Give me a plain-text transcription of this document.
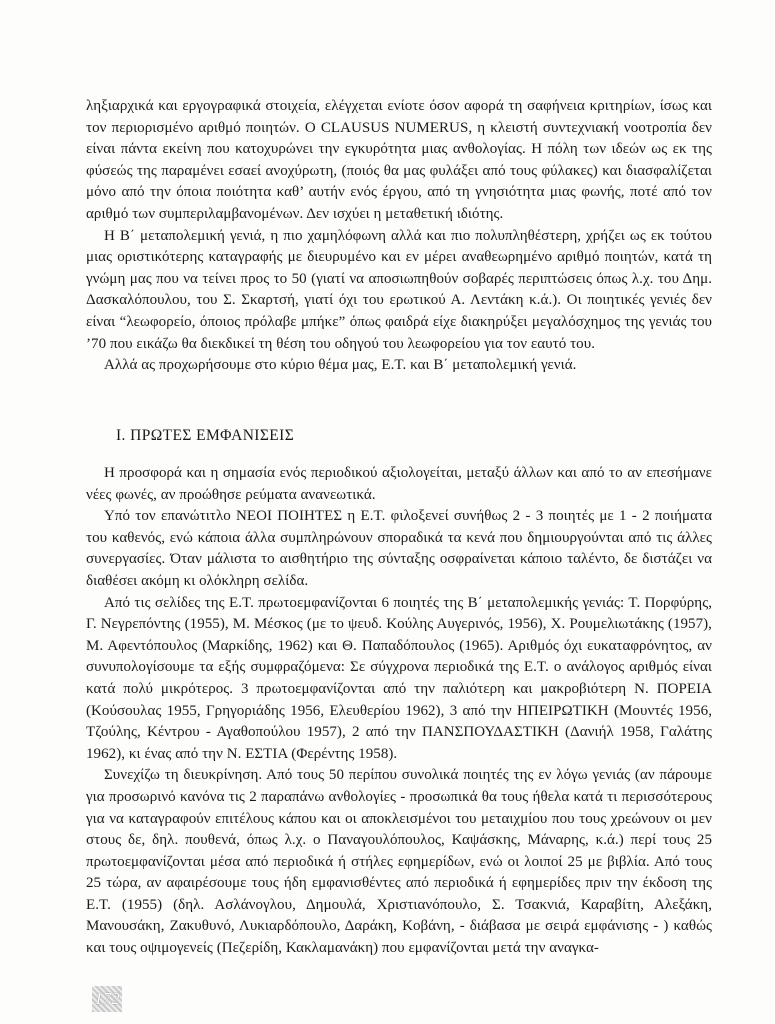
ληξιαρχικά και εργογραφικά στοιχεία, ελέγχεται ενίοτε όσον αφορά τη σαφήνεια κριτηρίων, ίσως και τον περιορισμένο αριθμό ποιητών. Ο CLAUSUS NUMERUS, η κλειστή συντεχνιακή νοοτροπία δεν είναι πάντα εκείνη που κατοχυρώνει την εγκυρότητα μιας ανθολογίας. Η πόλη των ιδεών ως εκ της φύσεώς της παραμένει εσαεί ανοχύρωτη, (ποιός θα μας φυλάξει από τους φύλακες) και διασφαλίζεται μόνο από την όποια ποιότητα καθ’ αυτήν ενός έργου, από τη γνησιότητα μιας φωνής, ποτέ από τον αριθμό των συμπεριλαμβανομένων. Δεν ισχύει η μεταθετική ιδιότης.

Η Β΄ μεταπολεμική γενιά, η πιο χαμηλόφωνη αλλά και πιο πολυπληθέστερη, χρήζει ως εκ τούτου μιας οριστικότερης καταγραφής με διευρυμένο και εν μέρει αναθεωρημένο αριθμό ποιητών, κατά τη γνώμη μας που να τείνει προς το 50 (γιατί να αποσιωπηθούν σοβαρές περιπτώσεις όπως λ.χ. του Δημ. Δασκαλόπουλου, του Σ. Σκαρτσή, γιατί όχι του ερωτικού Α. Λεντάκη κ.ά.). Οι ποιητικές γενιές δεν είναι “λεωφορείο, όποιος πρόλαβε μπήκε” όπως φαιδρά είχε διακηρύξει μεγαλόσχημος της γενιάς του ’70 που εικάζω θα διεκδικεί τη θέση του οδηγού του λεωφορείου για τον εαυτό του.

Αλλά ας προχωρήσουμε στο κύριο θέμα μας, Ε.Τ. και Β΄ μεταπολεμική γενιά.

Ι. ΠΡΩΤΕΣ ΕΜΦΑΝΙΣΕΙΣ

Η προσφορά και η σημασία ενός περιοδικού αξιολογείται, μεταξύ άλλων και από το αν επεσήμανε νέες φωνές, αν προώθησε ρεύματα ανανεωτικά.

Υπό τον επανώτιτλο ΝΕΟΙ ΠΟΙΗΤΕΣ η Ε.Τ. φιλοξενεί συνήθως 2 - 3 ποιητές με 1 - 2 ποιήματα του καθενός, ενώ κάποια άλλα συμπληρώνουν σποραδικά τα κενά που δημιουργούνται από τις άλλες συνεργασίες. Όταν μάλιστα το αισθητήριο της σύνταξης οσφραίνεται κάποιο ταλέντο, δε διστάζει να διαθέσει ακόμη κι ολόκληρη σελίδα.

Από τις σελίδες της Ε.Τ. πρωτοεμφανίζονται 6 ποιητές της Β΄ μεταπολεμικής γενιάς: Τ. Πορφύρης, Γ. Νεγρεπόντης (1955), Μ. Μέσκος (με το ψευδ. Κούλης Αυγερινός, 1956), Χ. Ρουμελιωτάκης (1957), Μ. Αφεντόπουλος (Μαρκίδης, 1962) και Θ. Παπαδόπουλος (1965). Αριθμός όχι ευκαταφρόνητος, αν συνυπολογίσουμε τα εξής συμφραζόμενα: Σε σύγχρονα περιοδικά της Ε.Τ. ο ανάλογος αριθμός είναι κατά πολύ μικρότερος. 3 πρωτοεμφανίζονται από την παλιότερη και μακροβιότερη Ν. ΠΟΡΕΙΑ (Κούσουλας 1955, Γρηγοριάδης 1956, Ελευθερίου 1962), 3 από την ΗΠΕΙΡΩΤΙΚΗ (Μουντές 1956, Τζούλης, Κέντρου - Αγαθοπούλου 1957), 2 από την ΠΑΝΣΠΟΥΔΑΣΤΙΚΗ (Δανιήλ 1958, Γαλάτης 1962), κι ένας από την Ν. ΕΣΤΙΑ (Φερέντης 1958).

Συνεχίζω τη διευκρίνηση. Από τους 50 περίπου συνολικά ποιητές της εν λόγω γενιάς (αν πάρουμε για προσωρινό κανόνα τις 2 παραπάνω ανθολογίες - προσωπικά θα τους ήθελα κατά τι περισσότερους για να καταγραφούν επιτέλους κάπου και οι αποκλεισμένοι του μεταιχμίου που τους χρεώνουν οι μεν στους δε, δηλ. πουθενά, όπως λ.χ. ο Παναγουλόπουλος, Καψάσκης, Μάναρης, κ.ά.) περί τους 25 πρωτοεμφανίζονται μέσα από περιοδικά ή στήλες εφημερίδων, ενώ οι λοιποί 25 με βιβλία. Από τους 25 τώρα, αν αφαιρέσουμε τους ήδη εμφανισθέντες από περιοδικά ή εφημερίδες πριν την έκδοση της Ε.Τ. (1955) (δηλ. Ασλάνογλου, Δημουλά, Χριστιανόπουλο, Σ. Τσακνιά, Καραβίτη, Αλεξάκη, Μανουσάκη, Ζακυθυνό, Λυκιαρδόπουλο, Δαράκη, Κοβάνη, - διάβασα με σειρά εμφάνισης - ) καθώς και τους οψιμογενείς (Πεζερίδη, Κακλαμανάκη) που εμφανίζονται μετά την αναγκα-

172
